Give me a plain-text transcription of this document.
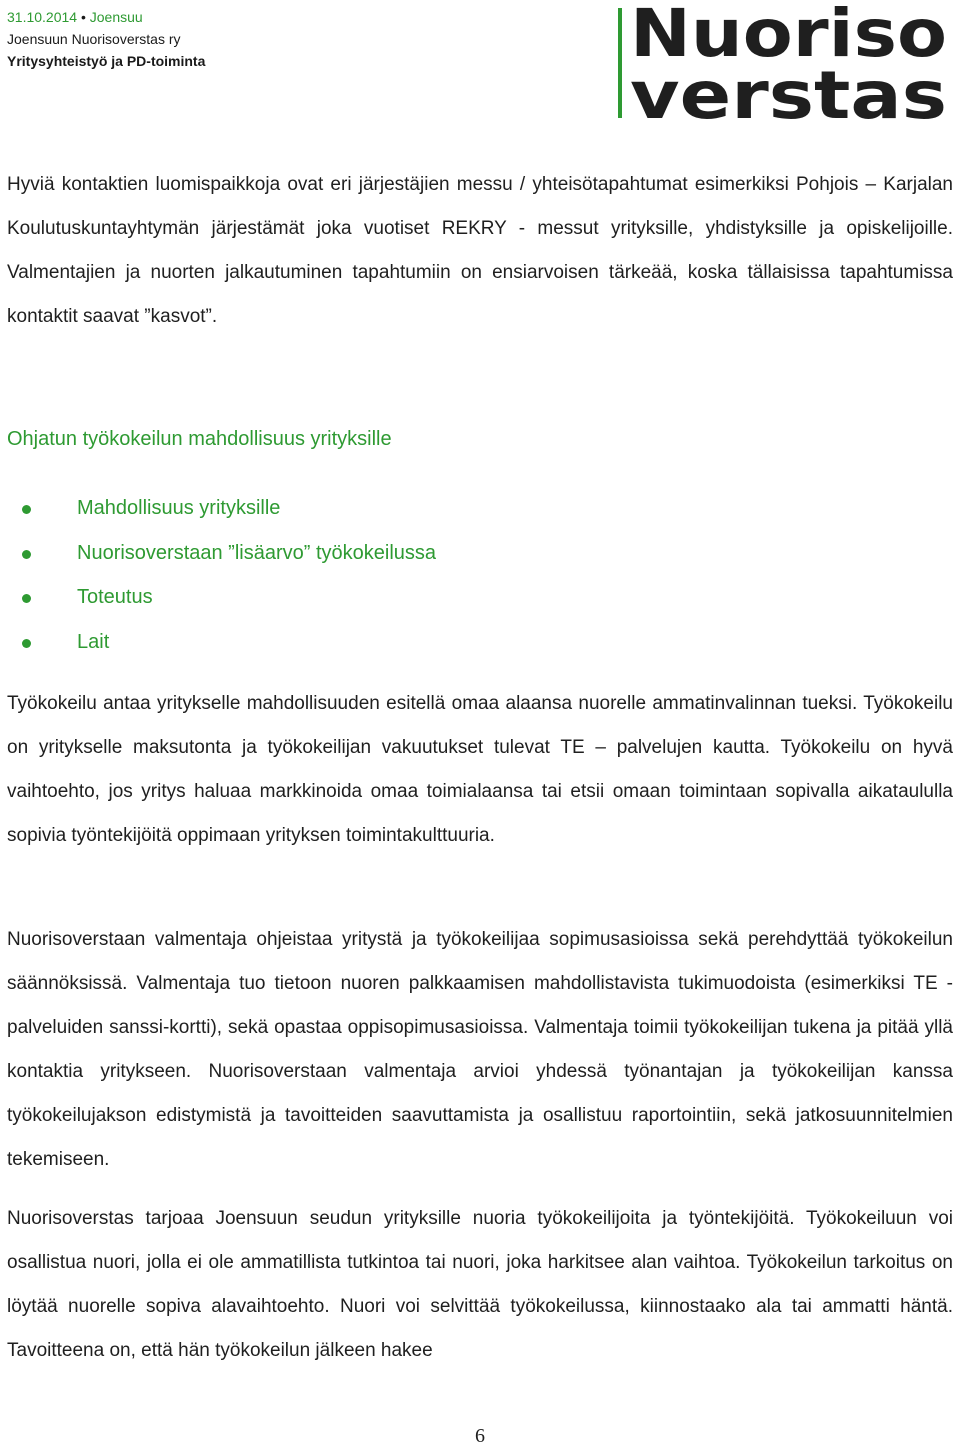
31.10.2014 • Joensuu
Joensuun Nuorisoverstas ry
Yritysyhteistyö ja PD-toiminta	Nuoriso
verstas

Hyviä kontaktien luomispaikkoja ovat eri järjestäjien messu / yhteisötapahtumat esimerkiksi Pohjois – Karjalan Koulutuskuntayhtymän järjestämät joka vuotiset REKRY - messut yrityksille, yhdistyksille ja opiskelijoille. Valmentajien ja nuorten jalkautuminen tapahtumiin on ensiarvoisen tärkeää, koska tällaisissa tapahtumissa kontaktit saavat ”kasvot”.

Ohjatun työkokeilun mahdollisuus yrityksille
Mahdollisuus yrityksille
Nuorisoverstaan ”lisäarvo” työkokeilussa
Toteutus
Lait

Työkokeilu antaa yritykselle mahdollisuuden esitellä omaa alaansa nuorelle ammatinvalinnan tueksi. Työkokeilu on yritykselle maksutonta ja työkokeilijan vakuutukset tulevat TE – palvelujen kautta. Työkokeilu on hyvä vaihtoehto, jos yritys haluaa markkinoida omaa toimialaansa tai etsii omaan toimintaan sopivalla aikataululla sopivia työntekijöitä oppimaan yrityksen toimintakulttuuria.

Nuorisoverstaan valmentaja ohjeistaa yritystä ja työkokeilijaa sopimusasioissa sekä perehdyttää työkokeilun säännöksissä. Valmentaja tuo tietoon nuoren palkkaamisen mahdollistavista tukimuodoista (esimerkiksi TE - palveluiden sanssi-kortti), sekä opastaa oppisopimusasioissa. Valmentaja toimii työkokeilijan tukena ja pitää yllä kontaktia yritykseen. Nuorisoverstaan valmentaja arvioi yhdessä työnantajan ja työkokeilijan kanssa työkokeilujakson edistymistä ja tavoitteiden saavuttamista ja osallistuu raportointiin, sekä jatkosuunnitelmien tekemiseen.

Nuorisoverstas tarjoaa Joensuun seudun yrityksille nuoria työkokeilijoita ja työntekijöitä. Työkokeiluun voi osallistua nuori, jolla ei ole ammatillista tutkintoa tai nuori, joka harkitsee alan vaihtoa. Työkokeilun tarkoitus on löytää nuorelle sopiva alavaihtoehto. Nuori voi selvittää työkokeilussa, kiinnostaako ala tai ammatti häntä. Tavoitteena on, että hän työkokeilun jälkeen hakee

6
